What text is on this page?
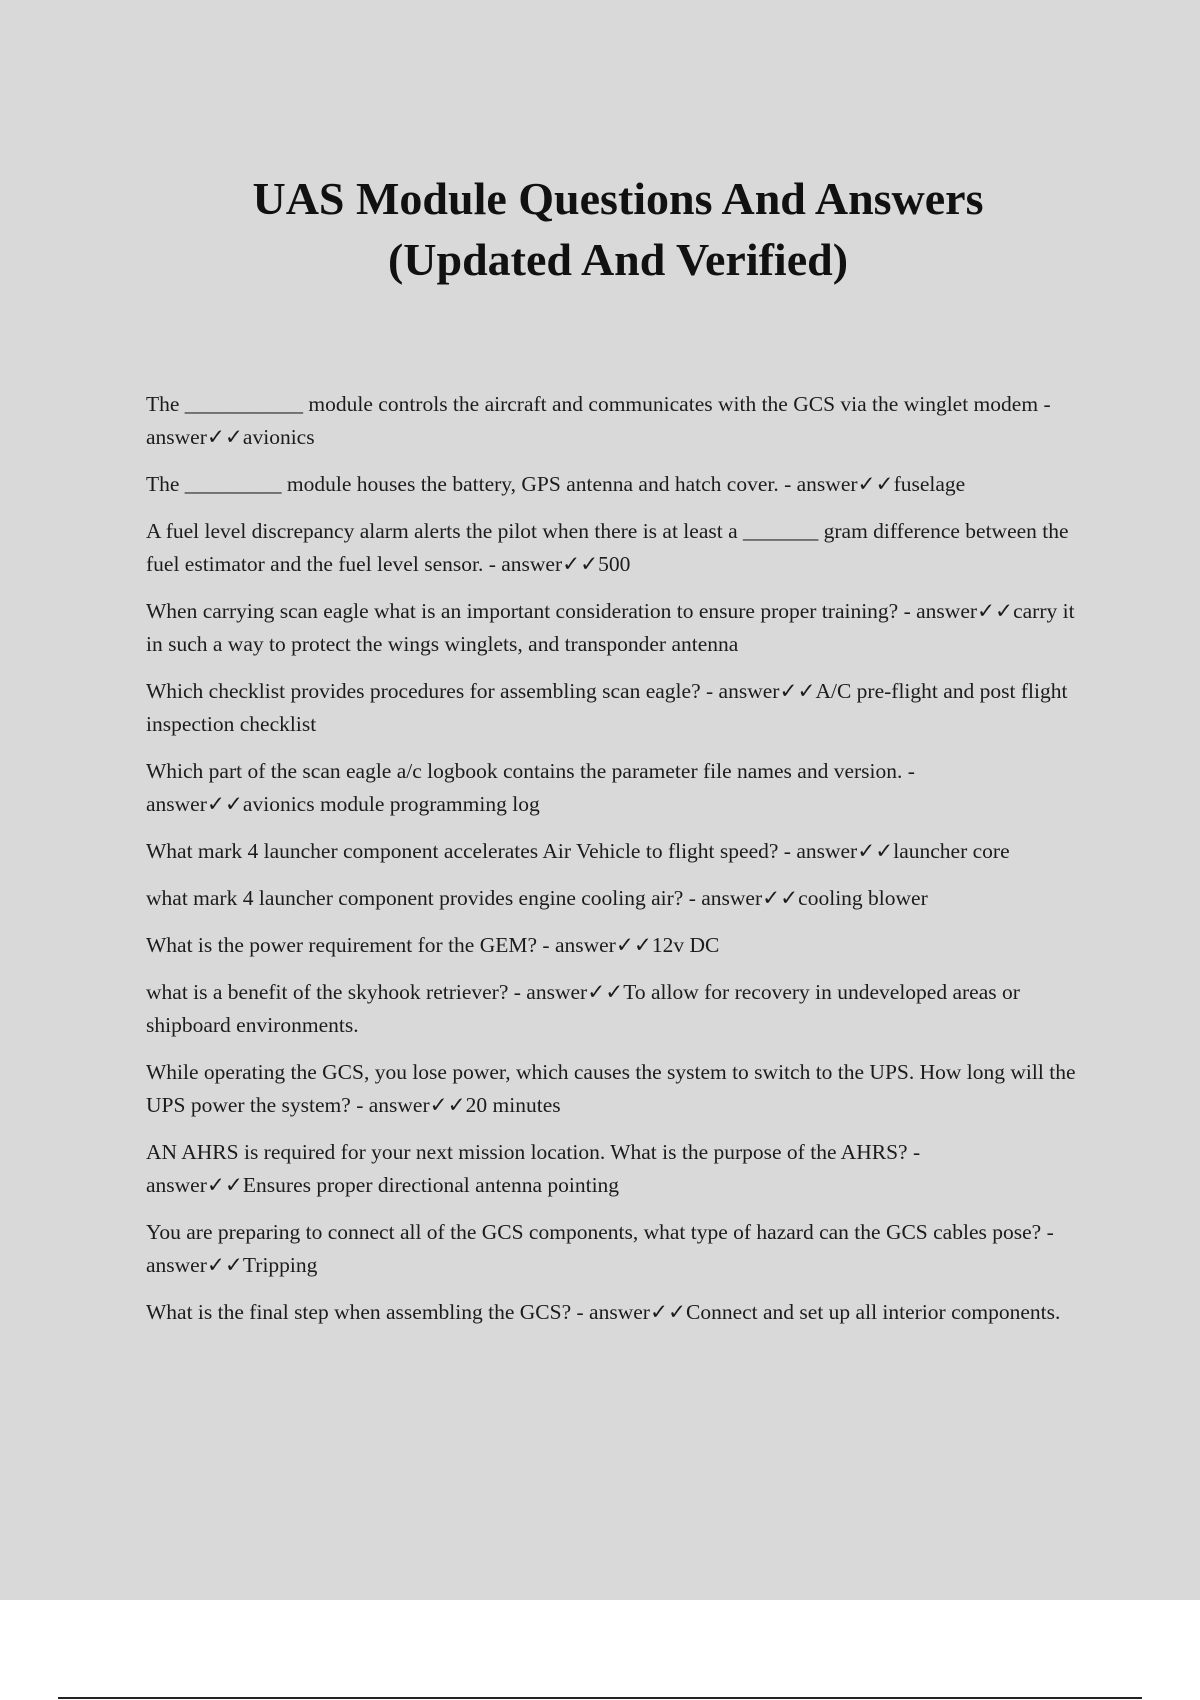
UAS Module Questions And Answers
(Updated And Verified)
The ___________ module controls the aircraft and communicates with the GCS via the winglet modem - answer✓✓avionics
The _________ module houses the battery, GPS antenna and hatch cover. - answer✓✓fuselage
A fuel level discrepancy alarm alerts the pilot when there is at least a _______ gram difference between the fuel estimator and the fuel level sensor. - answer✓✓500
When carrying scan eagle what is an important consideration to ensure proper training? - answer✓✓carry it in such a way to protect the wings winglets, and transponder antenna
Which checklist provides procedures for assembling scan eagle? - answer✓✓A/C pre-flight and post flight inspection checklist
Which part of the scan eagle a/c logbook contains the parameter file names and version. - answer✓✓avionics module programming log
What mark 4 launcher component accelerates Air Vehicle to flight speed? - answer✓✓launcher core
what mark 4 launcher component provides engine cooling air? - answer✓✓cooling blower
What is the power requirement for the GEM? - answer✓✓12v DC
what is a benefit of the skyhook retriever? - answer✓✓To allow for recovery in undeveloped areas or shipboard environments.
While operating the GCS, you lose power, which causes the system to switch to the UPS. How long will the UPS power the system? - answer✓✓20 minutes
AN AHRS is required for your next mission location. What is the purpose of the AHRS? - answer✓✓Ensures proper directional antenna pointing
You are preparing to connect all of the GCS components, what type of hazard can the GCS cables pose? - answer✓✓Tripping
What is the final step when assembling the GCS? - answer✓✓Connect and set up all interior components.
